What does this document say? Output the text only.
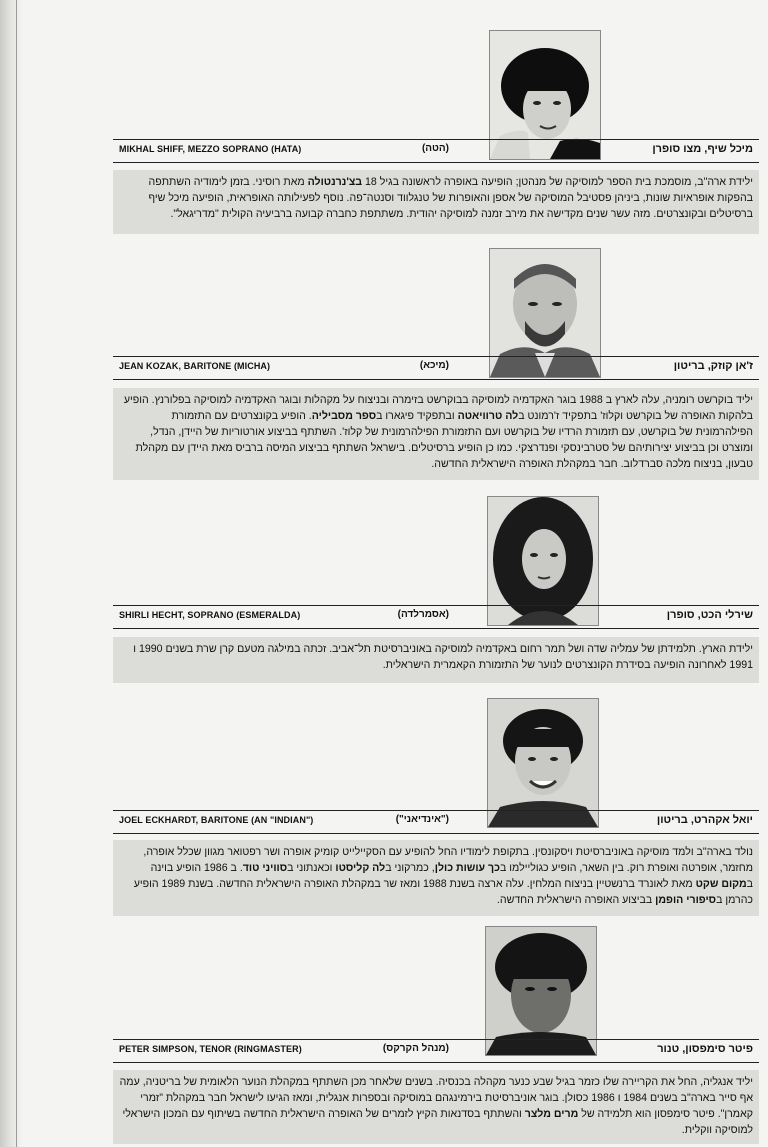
MIKHAL SHIFF, MEZZO SOPRANO (HATA)	(הטה)	מיכל שיף, מצו סופרן
ילידת ארה"ב, מוסמכת בית הספר למוסיקה של מנהטן; הופיעה באופרה לראשונה בגיל 18 בצ'נרנטולה מאת רוסיני. בזמן לימודיה השתתפה בהפקות אופראיות שונות, ביניהן פסטיבל המוסיקה של אספן והאופרות של טנגלווד וסנטה־פה. נוסף לפעילותה האופראית, הופיעה מיכל שיף ברסיטלים ובקונצרטים. מזה עשר שנים מקדישה את מירב זמנה למוסיקה יהודית. משתתפת כחברה קבועה ברביעיה הקולית "מדריגאל".
JEAN KOZAK, BARITONE (MICHA)	(מיכא)	ז'אן קוזק, בריטון
יליד בוקרשט רומניה, עלה לארץ ב 1988 בוגר האקדמיה למוסיקה בבוקרשט בזימרה ובניצוח על מקהלות ובוגר האקדמיה למוסיקה בפלורנץ. הופיע בלהקות האופרה של בוקרשט וקלוז' בתפקיד ז'רמונט בלה טרוויאטה ובתפקיד פיגארו בספר מסביליה. הופיע בקונצרטים עם התזמורת הפילהרמונית של בוקרשט, עם תזמורת הרדיו של בוקרשט ועם התזמורת הפילהרמונית של קלוז'. השתתף בביצוע אורטוריות של היידן, הנדל, ומוצרט וכן בביצוע יצירותיהם של סטרבינסקי ופנדרצקי. כמו כן הופיע ברסיטלים. בישראל השתתף בביצוע המיסה ברביס מאת היידן עם מקהלת טבעון, בניצוח מלכה סברדלוב. חבר במקהלת האופרה הישראלית החדשה.
SHIRLI HECHT, SOPRANO (ESMERALDA)	(אסמרלדה)	שירלי הכט, סופרן
ילידת הארץ. תלמידתן של עמליה שדה ושל תמר רחום באקדמיה למוסיקה באוניברסיטת תל־אביב. זכתה במילגה מטעם קרן שרת בשנים 1990 ו 1991 לאחרונה הופיעה בסידרת הקונצרטים לנוער של התזמורת הקאמרית הישראלית.
JOEL ECKHARDT, BARITONE (AN "INDIAN")	("אינדיאני")	יואל אקהרט, בריטון
נולד בארה"ב ולמד מוסיקה באוניברסיטת ויסקונסין. בתקופת לימודיו החל להופיע עם הסקיילייט קומיק אופרה ושר רפטואר מגוון שכלל אופרה, מחזמר, אופרטה ואופרת רוק. בין השאר, הופיע כגוליילמו בכך עושות כולן, כמרקוני בלה קליסטו וכאנתוני בסוויני טוד. ב 1986 הופיע בוינה במקום שקט מאת לאונרד ברנשטיין בניצוח המלחין. עלה ארצה בשנת 1988 ומאז שר במקהלת האופרה הישראלית החדשה. בשנת 1989 הופיע כהרמן בסיפורי הופמן בביצוע האופרה הישראלית החדשה.
PETER SIMPSON, TENOR (RINGMASTER)	(מנהל הקרקס)	פיטר סימפסון, טנור
יליד אנגליה, החל את הקריירה שלו כזמר בגיל שבע כנער מקהלה בכנסיה. בשנים שלאחר מכן השתתף במקהלת הנוער הלאומית של בריטניה, עמה אף סייר בארה"ב בשנים 1984 ו 1986 כסולן. בוגר אוניברסיטת בירמינגהם במוסיקה ובספרות אנגלית, ומאז הגיעו לישראל חבר במקהלת "זמרי קאמרן". פיטר סימפסון הוא תלמידה של מרים מלצר והשתתף בסדנאות הקיץ לזמרים של האופרה הישראלית החדשה בשיתוף עם המכון הישראלי למוסיקה ווקלית.
